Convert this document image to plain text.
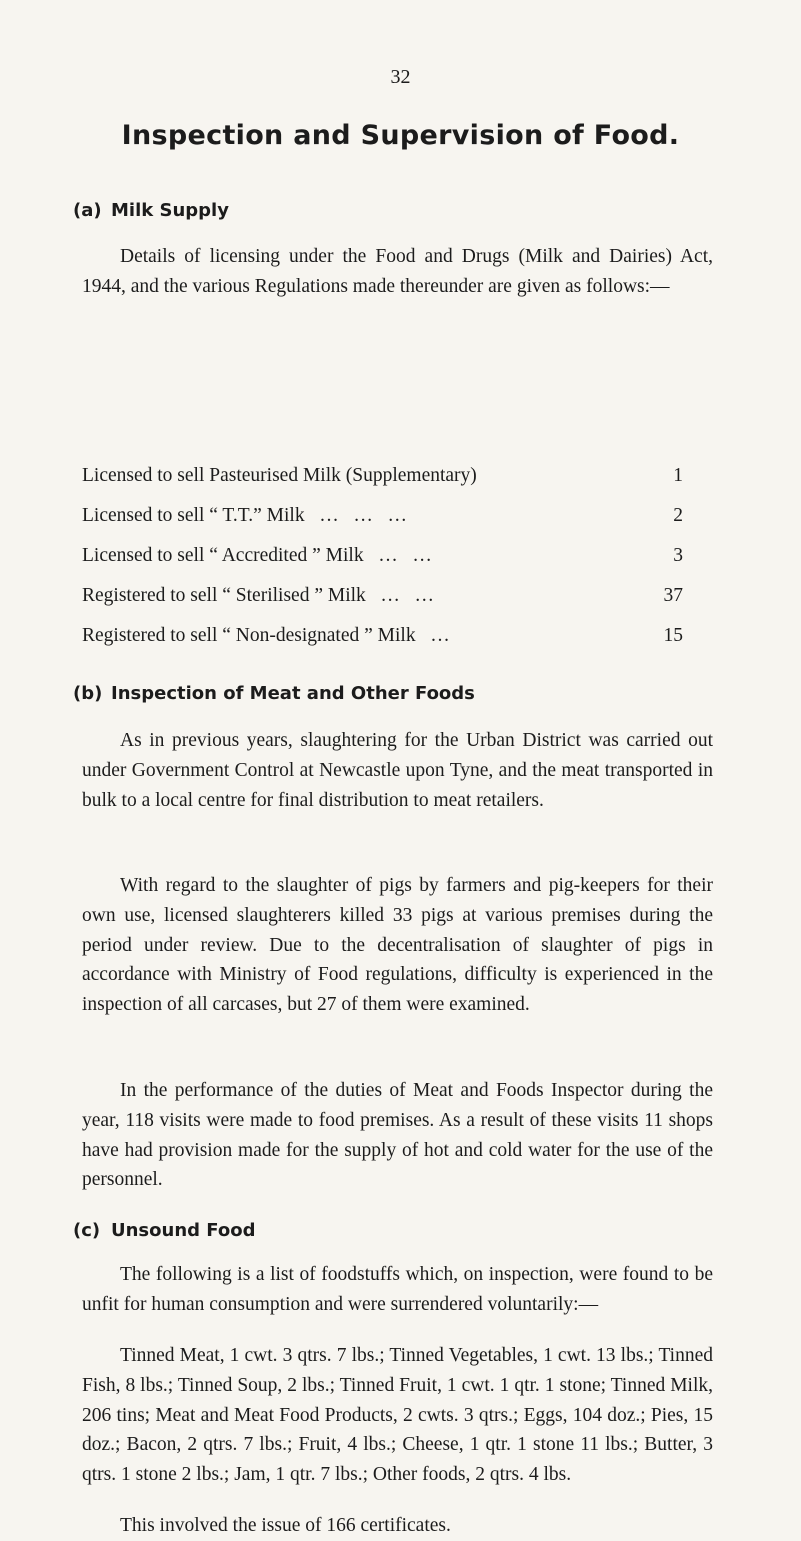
32
Inspection and Supervision of Food.
(a) Milk Supply

Details of licensing under the Food and Drugs (Milk and Dairies) Act, 1944, and the various Regulations made thereunder are given as follows:—

Licensed to sell Pasteurised Milk (Supplementary)	1
Licensed to sell “ T.T.” Milk   …   …   …	2
Licensed to sell “ Accredited ” Milk   …   …	3
Registered to sell “ Sterilised ” Milk   …   …	37
Registered to sell “ Non-designated ” Milk   …	15
(b) Inspection of Meat and Other Foods

As in previous years, slaughtering for the Urban District was carried out under Government Control at Newcastle upon Tyne, and the meat transported in bulk to a local centre for final distribution to meat retailers.

With regard to the slaughter of pigs by farmers and pig-keepers for their own use, licensed slaughterers killed 33 pigs at various premises during the period under review. Due to the decentralisation of slaughter of pigs in accordance with Ministry of Food regulations, difficulty is experienced in the inspection of all carcases, but 27 of them were examined.

In the performance of the duties of Meat and Foods Inspector during the year, 118 visits were made to food premises. As a result of these visits 11 shops have had provision made for the supply of hot and cold water for the use of the personnel.

(c) Unsound Food

The following is a list of foodstuffs which, on inspection, were found to be unfit for human consumption and were surrendered voluntarily:—

Tinned Meat, 1 cwt. 3 qtrs. 7 lbs.; Tinned Vegetables, 1 cwt. 13 lbs.; Tinned Fish, 8 lbs.; Tinned Soup, 2 lbs.; Tinned Fruit, 1 cwt. 1 qtr. 1 stone; Tinned Milk, 206 tins; Meat and Meat Food Products, 2 cwts. 3 qtrs.; Eggs, 104 doz.; Pies, 15 doz.; Bacon, 2 qtrs. 7 lbs.; Fruit, 4 lbs.; Cheese, 1 qtr. 1 stone 11 lbs.; Butter, 3 qtrs. 1 stone 2 lbs.; Jam, 1 qtr. 7 lbs.; Other foods, 2 qtrs. 4 lbs.

This involved the issue of 166 certificates.
